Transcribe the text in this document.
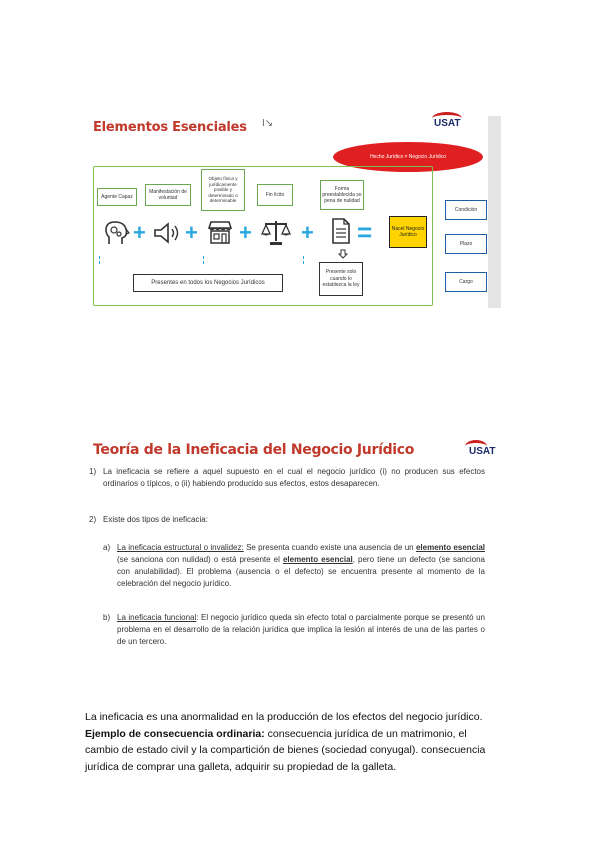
Elementos Esenciales I↘	USAT
Hecho Jurídico ≠ Negocio Jurídico
Agente Capaz
Manifestación de voluntad
Objeto física y jurídicamente posible y determinado o determinable
Fin lícito
Forma preestablecida so pena de nulidad
+ + + + =	Nacel Negocio Jurídico
Presente solo cuando lo establezca la ley
Presentes en todos los Negocios Jurídicos
Condición
Plazo
Cargo
Teoría de la Ineficacia del Negocio Jurídico	USAT
1) La ineficacia se refiere a aquel supuesto en el cual el negocio jurídico (i) no producen sus efectos ordinarios o típicos, o (ii) habiendo producido sus efectos, estos desaparecen.
2) Existe dos tipos de ineficacia:
a) La ineficacia estructural o invalidez: Se presenta cuando existe una ausencia de un elemento esencial (se sanciona con nulidad) o está presente el elemento esencial, pero tiene un defecto (se sanciona con anulabilidad). El problema (ausencia o el defecto) se encuentra presente al momento de la celebración del negocio jurídico.
b) La ineficacia funcional: El negocio jurídico queda sin efecto total o parcialmente porque se presentó un problema en el desarrollo de la relación jurídica que implica la lesión al interés de una de las partes o de un tercero.
La ineficacia es una anormalidad en la producción de los efectos del negocio jurídico.
Ejemplo de consecuencia ordinaria: consecuencia jurídica de un matrimonio, el
cambio de estado civil y la compartición de bienes (sociedad conyugal). consecuencia
jurídica de comprar una galleta, adquirir su propiedad de la galleta.
